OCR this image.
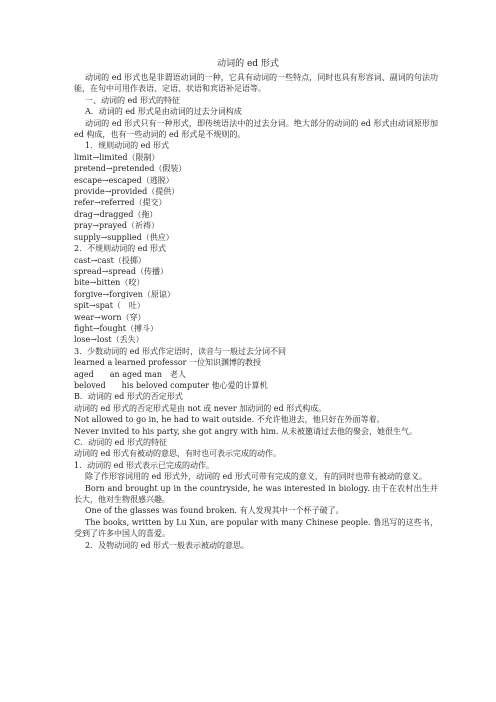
动词的 ed 形式

动词的 ed 形式也是非谓语动词的一种，它具有动词的一些特点，同时也具有形容词、副词的句法功能，在句中可用作表语、定语、状语和宾语补足语等。

一、动词的 ed 形式的特征

A．动词的 ed 形式是由动词的过去分词构成

动词的 ed 形式只有一种形式，即传统语法中的过去分词。绝大部分的动词的 ed 形式由动词原形加 ed 构成，也有一些动词的 ed 形式是不规则的。

1．规则动词的 ed 形式

limit→limited（限制）

pretend→pretended（假装）

escape→escaped（逃脱）

provide→provided（提供）

refer→referred（提交）

drag→dragged（拖）

pray→prayed（祈祷）

supply→supplied（供应）

2．不规则动词的 ed 形式

cast→cast（投掷）

spread→spread（传播）

bite→bitten（咬）

forgive→forgiven（原谅）

spit→spat（　吐）

wear→worn（穿）

fight→fought（搏斗）

lose→lost（丢失）

3．少数动词的 ed 形式作定语时，读音与一般过去分词不同

learned a learned professor 一位知识渊博的教授

aged　　an aged man　老人

beloved　　his beloved computer 他心爱的计算机

B．动词的 ed 形式的否定形式

动词的 ed 形式的否定形式是由 not 或 never 加动词的 ed 形式构成。

Not allowed to go in, he had to wait outside. 不允许他进去，他只好在外面等着。

Never invited to his party, she got angry with him. 从未被邀请过去他的聚会，她很生气。

C．动词的 ed 形式的特征

动词的 ed 形式有被动的意思，有时也可表示完成的动作。

1．动词的 ed 形式表示已完成的动作。

除了作形容词用的 ed 形式外，动词的 ed 形式可带有完成的意义，有的同时也带有被动的意义。

Born and brought up in the countryside, he was interested in biology. 由于在农村出生并长大，他对生物很感兴趣。

One of the glasses was found broken. 有人发现其中一个杯子破了。

The books, written by Lu Xun, are popular with many Chinese people. 鲁迅写的这些书，受到了许多中国人的喜爱。

2．及物动词的 ed 形式一般表示被动的意思。
